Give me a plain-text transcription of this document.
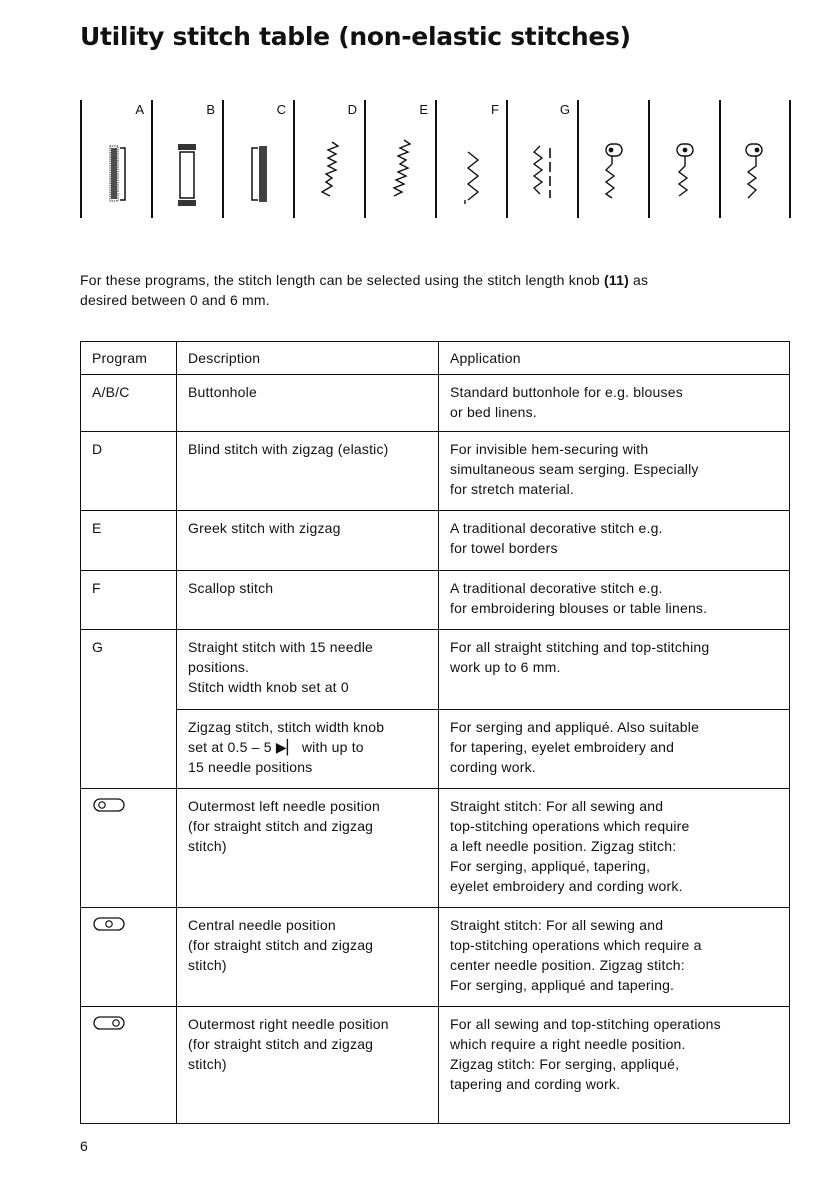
Utility stitch table (non-elastic stitches)
A	B	C	D	E	F	G

For these programs, the stitch length can be selected using the stitch length knob (11) as
desired between 0 and 6 mm.

Program	Description	Application
A/B/C	Buttonhole	Standard buttonhole for e.g. blouses
or bed linens.
D	Blind stitch with zigzag (elastic)	For invisible hem-securing with
simultaneous seam serging. Especially
for stretch material.
E	Greek stitch with zigzag	A traditional decorative stitch e.g.
for towel borders
F	Scallop stitch	A traditional decorative stitch e.g.
for embroidering blouses or table linens.
G	Straight stitch with 15 needle
positions.
Stitch width knob set at 0	For all straight stitching and top-stitching
work up to 6 mm.
	Zigzag stitch, stitch width knob
set at 0.5 – 5 ▶▏ with up to
15 needle positions	For serging and appliqué. Also suitable
for tapering, eyelet embroidery and
cording work.
	Outermost left needle position
(for straight stitch and zigzag
stitch)	Straight stitch: For all sewing and
top-stitching operations which require
a left needle position. Zigzag stitch:
For serging, appliqué, tapering,
eyelet embroidery and cording work.
	Central needle position
(for straight stitch and zigzag
stitch)	Straight stitch: For all sewing and
top-stitching operations which require a
center needle position. Zigzag stitch:
For serging, appliqué and tapering.
	Outermost right needle position
(for straight stitch and zigzag
stitch)	For all sewing and top-stitching operations
which require a right needle position.
Zigzag stitch: For serging, appliqué,
tapering and cording work.
6
